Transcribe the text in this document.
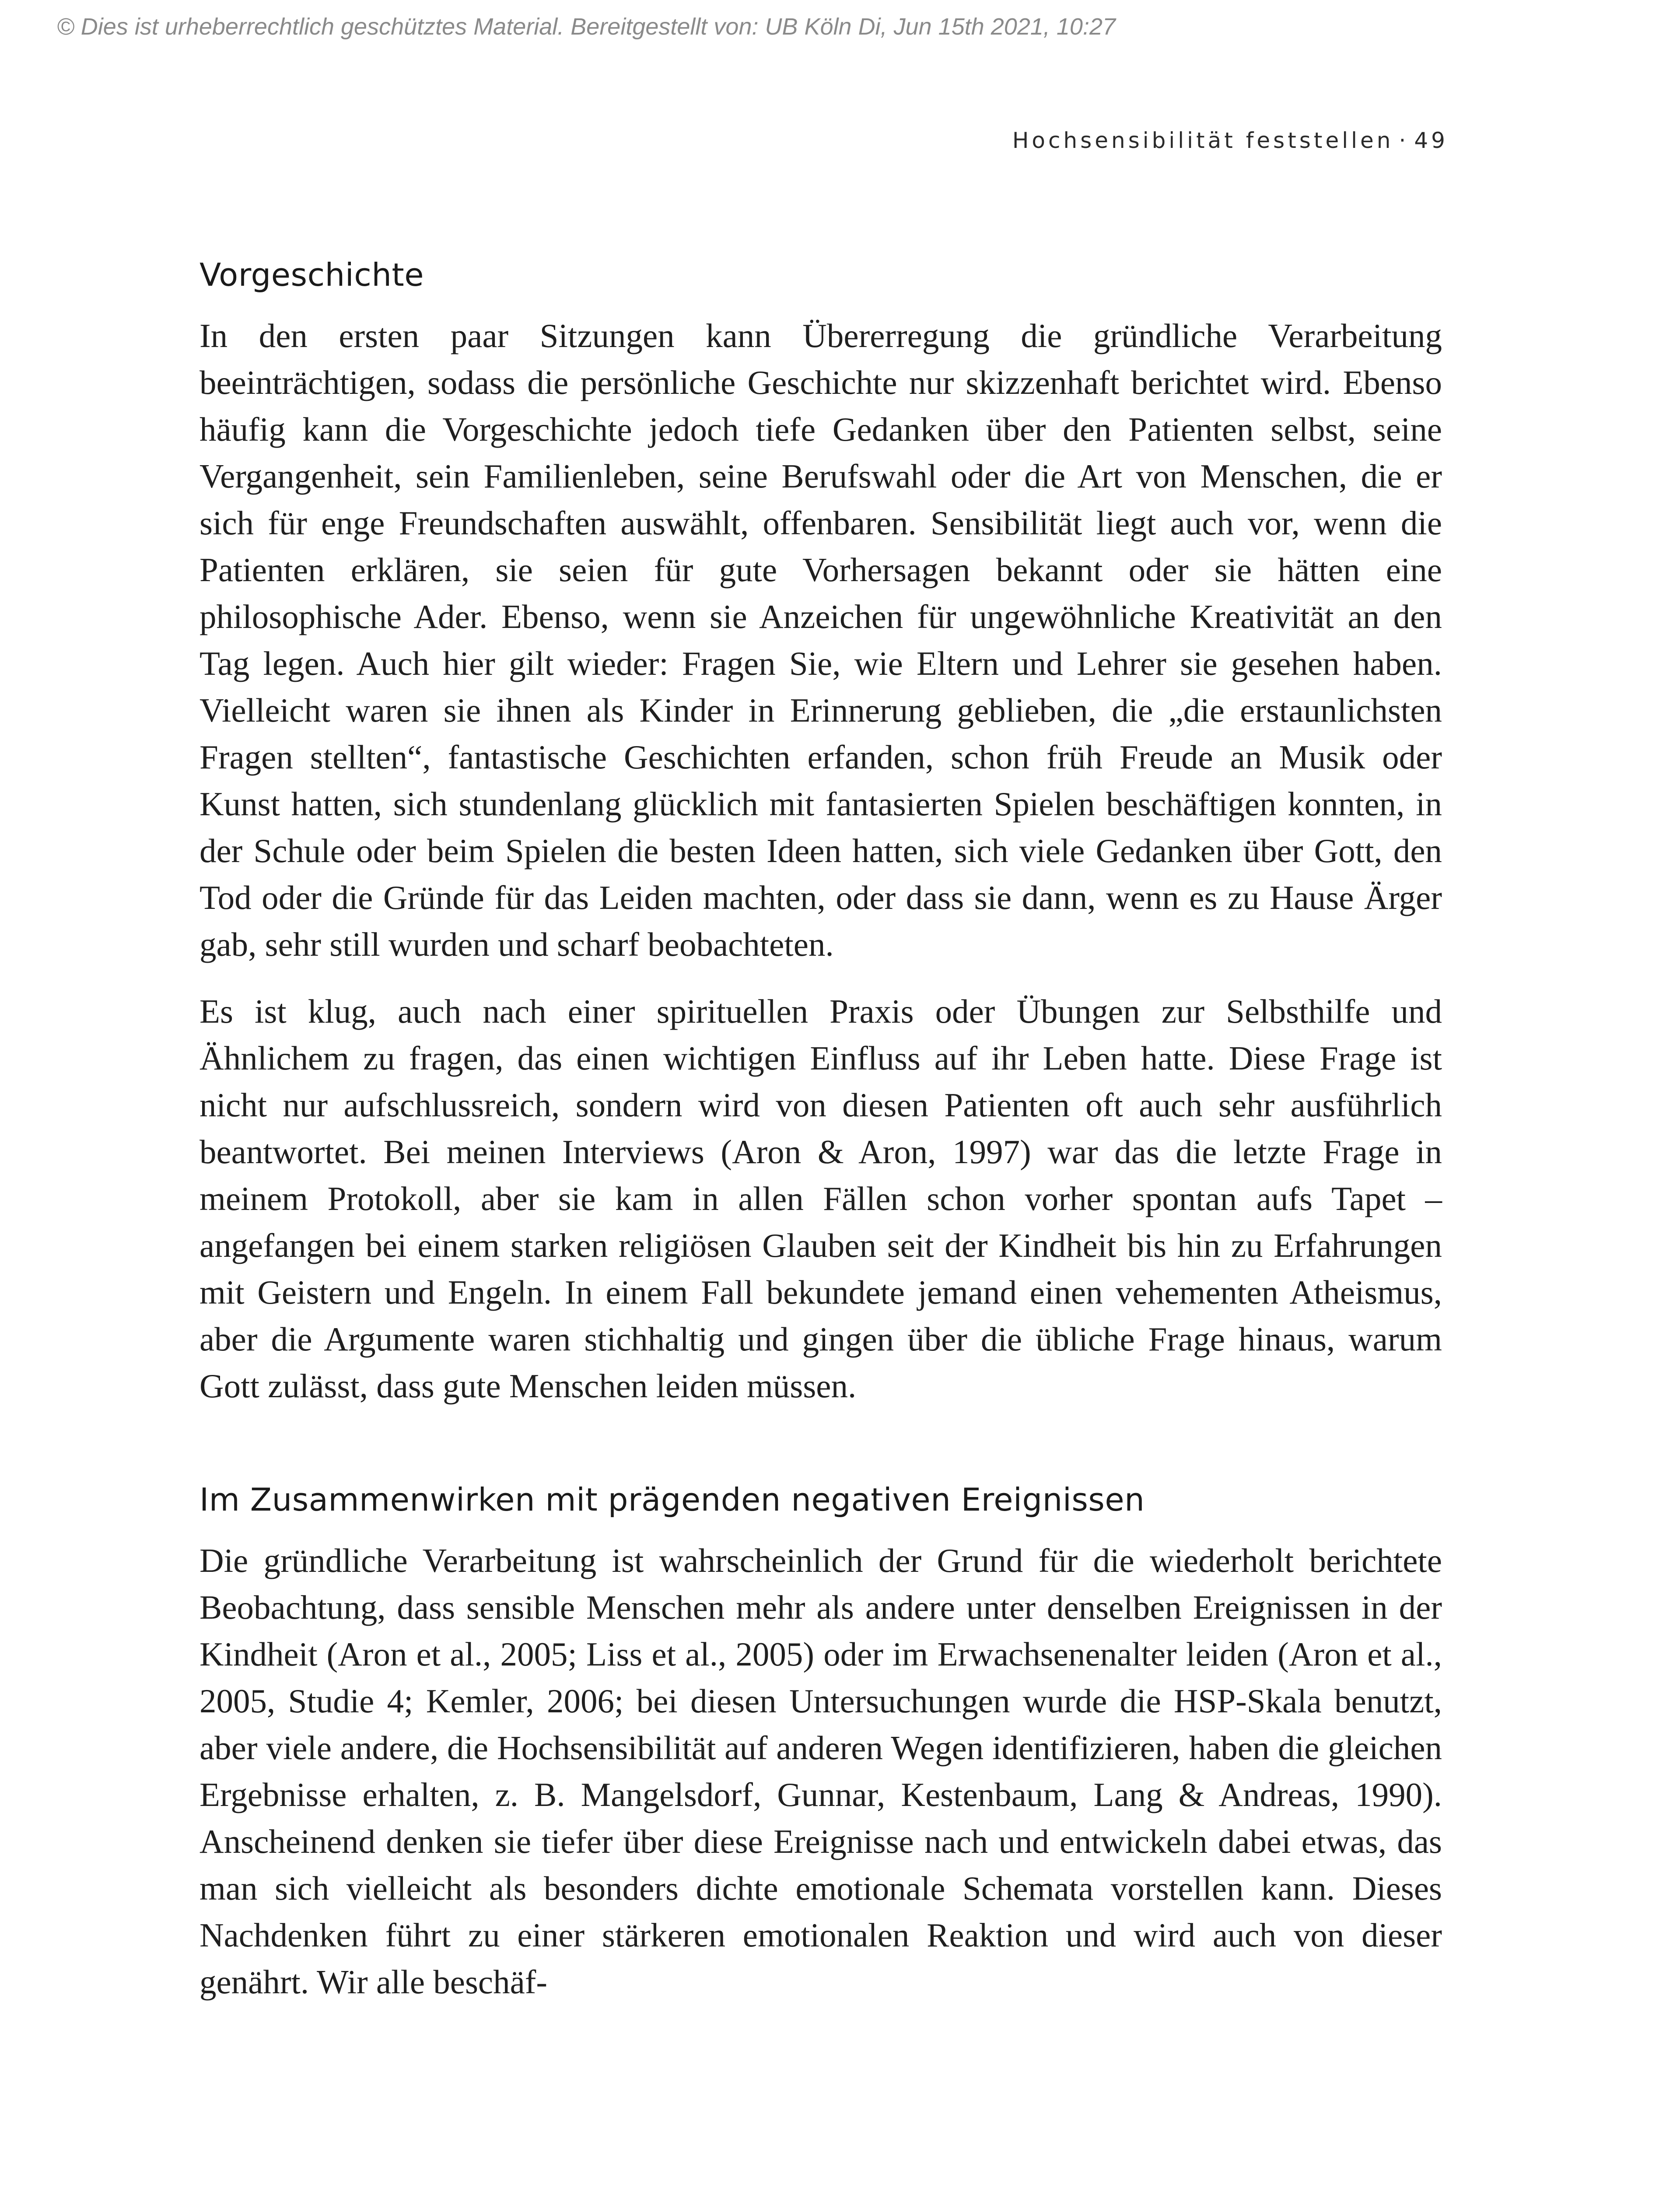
© Dies ist urheberrechtlich geschütztes Material. Bereitgestellt von: UB Köln Di, Jun 15th 2021, 10:27
Hochsensibilität feststellen · 49
Vorgeschichte

In den ersten paar Sitzungen kann Übererregung die gründliche Verarbeitung beeinträchtigen, sodass die persönliche Geschichte nur skizzenhaft berichtet wird. Ebenso häufig kann die Vorgeschichte jedoch tiefe Gedanken über den Patienten selbst, seine Vergangenheit, sein Familienleben, seine Berufswahl oder die Art von Menschen, die er sich für enge Freundschaften auswählt, offenbaren. Sensibilität liegt auch vor, wenn die Patienten erklären, sie seien für gute Vorhersagen bekannt oder sie hätten eine philosophische Ader. Ebenso, wenn sie Anzeichen für ungewöhnliche Kreativität an den Tag legen. Auch hier gilt wieder: Fragen Sie, wie Eltern und Lehrer sie gesehen haben. Vielleicht waren sie ihnen als Kinder in Erinnerung geblieben, die „die erstaunlichsten Fragen stellten“, fantastische Geschichten erfanden, schon früh Freude an Musik oder Kunst hatten, sich stundenlang glücklich mit fantasierten Spielen beschäftigen konnten, in der Schule oder beim Spielen die besten Ideen hatten, sich viele Gedanken über Gott, den Tod oder die Gründe für das Leiden machten, oder dass sie dann, wenn es zu Hause Ärger gab, sehr still wurden und scharf beobachteten.

Es ist klug, auch nach einer spirituellen Praxis oder Übungen zur Selbsthilfe und Ähnlichem zu fragen, das einen wichtigen Einfluss auf ihr Leben hatte. Diese Frage ist nicht nur aufschlussreich, sondern wird von diesen Patienten oft auch sehr ausführlich beantwortet. Bei meinen Interviews (Aron & Aron, 1997) war das die letzte Frage in meinem Protokoll, aber sie kam in allen Fällen schon vorher spontan aufs Tapet – angefangen bei einem starken religiösen Glauben seit der Kindheit bis hin zu Erfahrungen mit Geistern und Engeln. In einem Fall bekundete jemand einen vehementen Atheismus, aber die Argumente waren stichhaltig und gingen über die übliche Frage hinaus, warum Gott zulässt, dass gute Menschen leiden müssen.

Im Zusammenwirken mit prägenden negativen Ereignissen

Die gründliche Verarbeitung ist wahrscheinlich der Grund für die wiederholt berichtete Beobachtung, dass sensible Menschen mehr als andere unter denselben Ereignissen in der Kindheit (Aron et al., 2005; Liss et al., 2005) oder im Erwachsenenalter leiden (Aron et al., 2005, Studie 4; Kemler, 2006; bei diesen Untersuchungen wurde die HSP-Skala benutzt, aber viele andere, die Hochsensibilität auf anderen Wegen identifizieren, haben die gleichen Ergebnisse erhalten, z. B. Mangelsdorf, Gunnar, Kestenbaum, Lang & Andreas, 1990). Anscheinend denken sie tiefer über diese Ereignisse nach und entwickeln dabei etwas, das man sich vielleicht als besonders dichte emotionale Schemata vorstellen kann. Dieses Nachdenken führt zu einer stärkeren emotionalen Reaktion und wird auch von dieser genährt. Wir alle beschäf-
